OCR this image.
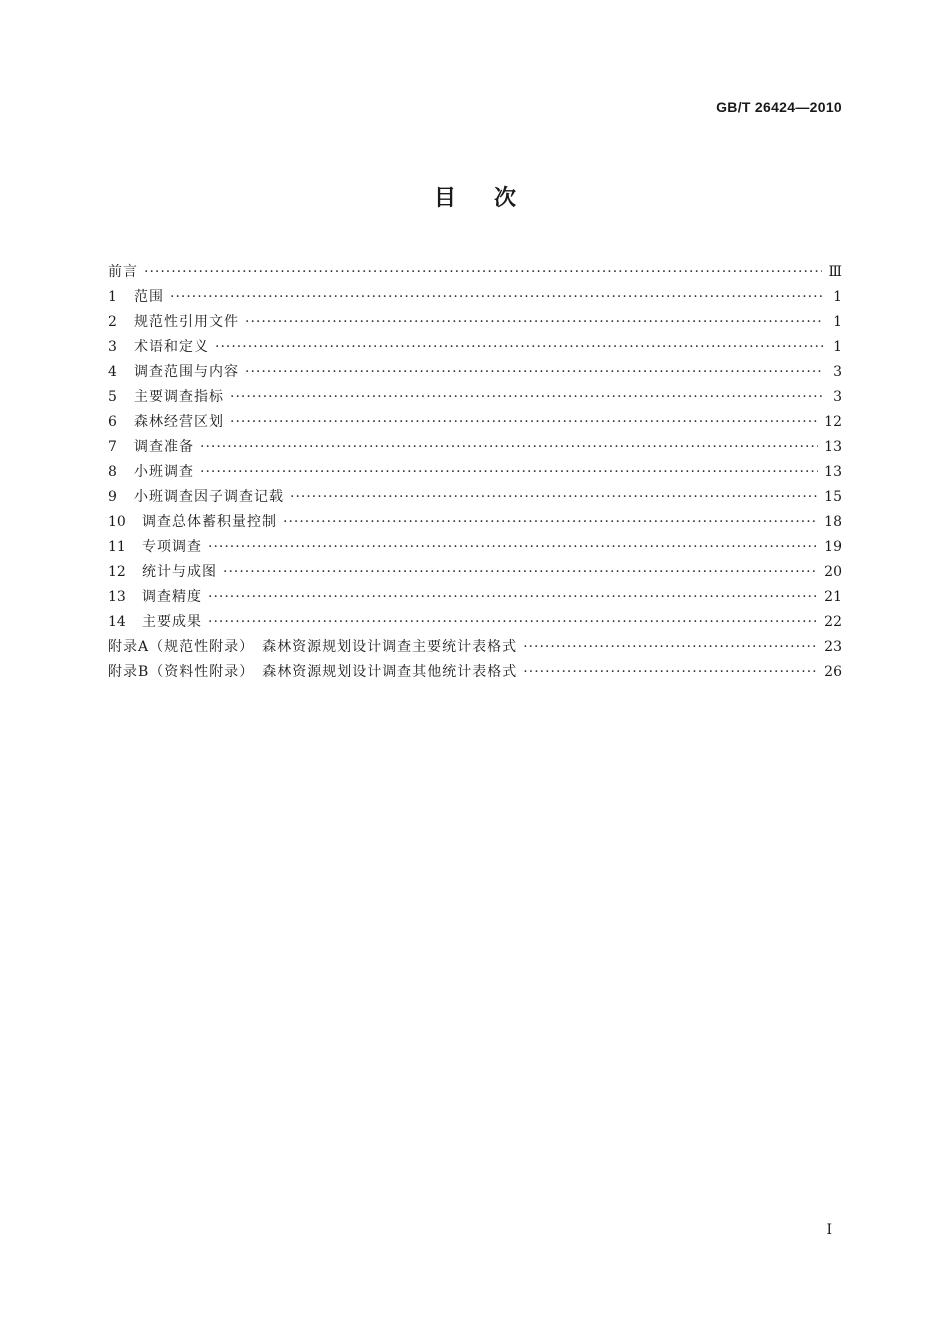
GB/T 26424—2010
目次
前言 ·····	Ⅲ
1 范围 ·····	1
2 规范性引用文件 ·····	1
3 术语和定义 ·····	1
4 调查范围与内容 ·····	3
5 主要调查指标 ·····	3
6 森林经营区划 ·····	12
7 调查准备 ·····	13
8 小班调查 ·····	13
9 小班调查因子调查记载 ·····	15
10 调查总体蓄积量控制 ·····	18
11 专项调查 ·····	19
12 统计与成图 ·····	20
13 调查精度 ·····	21
14 主要成果 ·····	22
附录A（规范性附录）　森林资源规划设计调查主要统计表格式 ·····	23
附录B（资料性附录）　森林资源规划设计调查其他统计表格式 ·····	26
I
